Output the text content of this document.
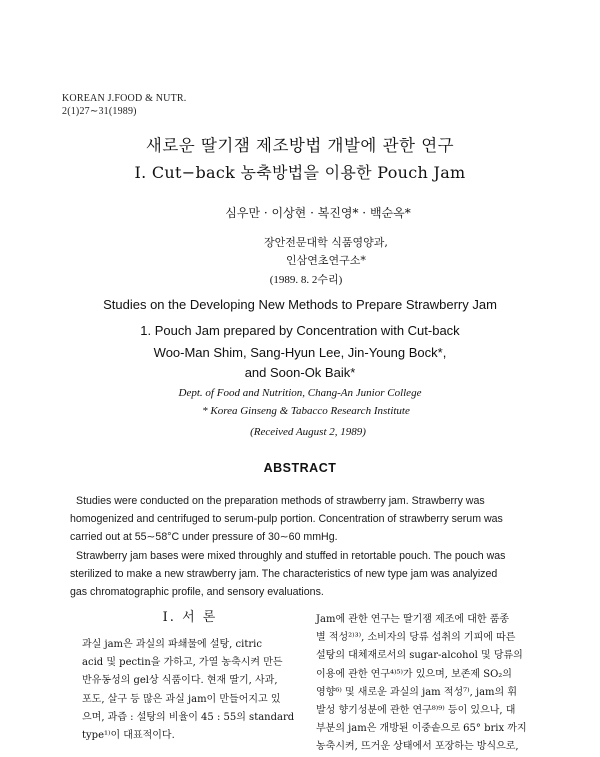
KOREAN J.FOOD & NUTR.
2(1)27∼31(1989)
새로운 딸기잼 제조방법 개발에 관한 연구
I. Cut−back 농축방법을 이용한 Pouch Jam
심우만 · 이상현 · 복진영* · 백순옥*
장안전문대학 식품영양과,
인삼연초연구소*
(1989. 8. 2수리)
Studies on the Developing New Methods to Prepare Strawberry Jam
1. Pouch Jam prepared by Concentration with Cut-back
Woo-Man Shim, Sang-Hyun Lee, Jin-Young Bock*,
and Soon-Ok Baik*
Dept. of Food and Nutrition, Chang-An Junior College
* Korea Ginseng & Tabacco Research Institute
(Received August 2, 1989)
ABSTRACT

Studies were conducted on the preparation methods of strawberry jam. Strawberry was
homogenized and centrifuged to serum-pulp portion. Concentration of strawberry serum was
carried out at 55∼58°C under pressure of 30∼60 mmHg.

Strawberry jam bases were mixed throughly and stuffed in retortable pouch. The pouch was
sterilized to make a new strawberry jam. The characteristics of new type jam was analyized
gas chromatographic profile, and sensory evaluations.

I. 서 론

과실 jam은 과실의 파쇄물에 설탕, citric

acid 및 pectin을 가하고, 가열 농축시켜 만든

반유동성의 gel상 식품이다. 현재 딸기, 사과,

포도, 살구 등 많은 과실 jam이 만들어지고 있

으며, 과즙 : 설탕의 비율이 45 : 55의 standard

type¹⁾이 대표적이다.

Jam에 관한 연구는 딸기잼 제조에 대한 품종

별 적성²⁾³⁾, 소비자의 당류 섭취의 기피에 따른

설탕의 대체재로서의 sugar-alcohol 및 당류의

이용에 관한 연구⁴⁾⁵⁾가 있으며, 보존제 SO₂의

영향⁶⁾ 및 새로운 과실의 jam 적성⁷⁾, jam의 휘

발성 향기성분에 관한 연구⁸⁾⁹⁾ 등이 있으나, 대

부분의 jam은 개방된 이중솥으로 65° brix 까지

농축시켜, 뜨거운 상태에서 포장하는 방식으로,
